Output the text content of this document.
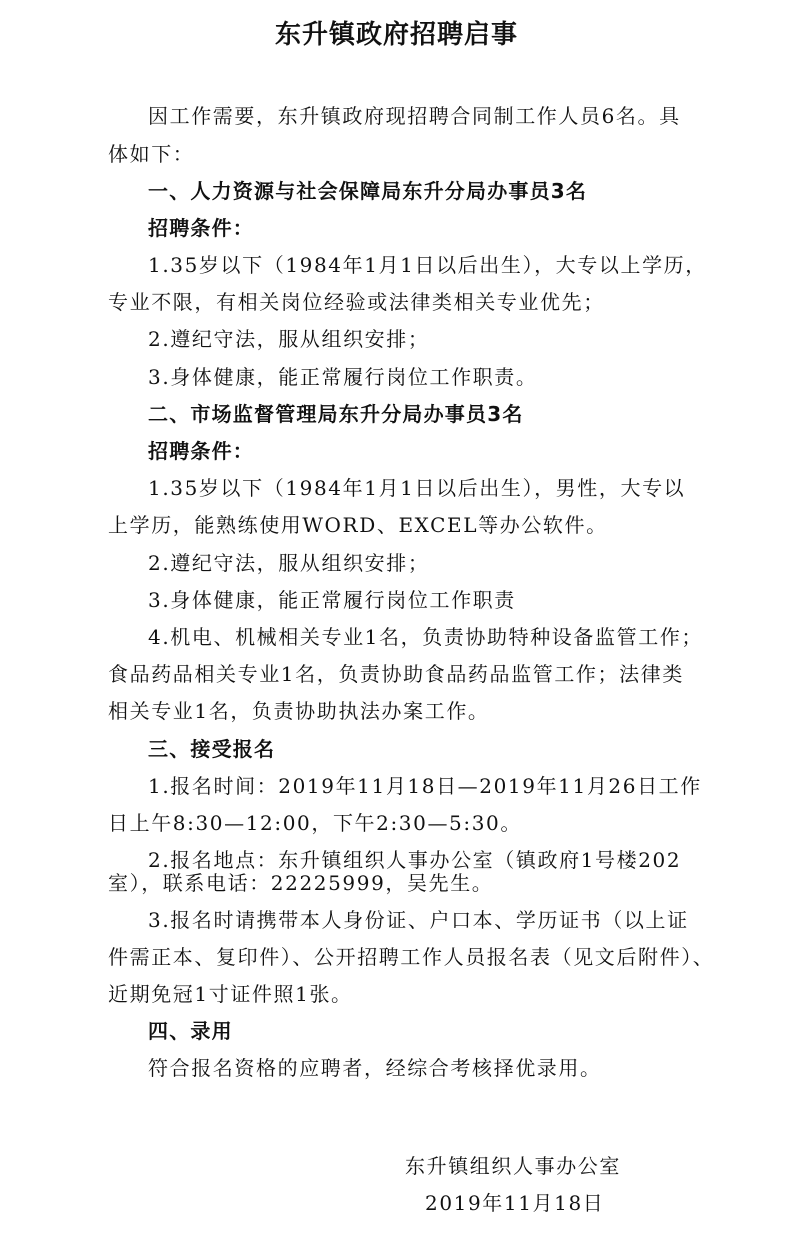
东升镇政府招聘启事
因工作需要，东升镇政府现招聘合同制工作人员6名。具
体如下：
一、人力资源与社会保障局东升分局办事员3名
招聘条件：
1.35岁以下（1984年1月1日以后出生），大专以上学历，
专业不限，有相关岗位经验或法律类相关专业优先；
2.遵纪守法，服从组织安排；
3.身体健康，能正常履行岗位工作职责。
二、市场监督管理局东升分局办事员3名
招聘条件：
1.35岁以下（1984年1月1日以后出生），男性，大专以
上学历，能熟练使用WORD、EXCEL等办公软件。
2.遵纪守法，服从组织安排；
3.身体健康，能正常履行岗位工作职责
4.机电、机械相关专业1名，负责协助特种设备监管工作；
食品药品相关专业1名，负责协助食品药品监管工作；法律类
相关专业1名，负责协助执法办案工作。
三、接受报名
1.报名时间：2019年11月18日—2019年11月26日工作
日上午8:30—12:00，下午2:30—5:30。
2.报名地点：东升镇组织人事办公室（镇政府1号楼202
室），联系电话：22225999，吴先生。
3.报名时请携带本人身份证、户口本、学历证书（以上证
件需正本、复印件）、公开招聘工作人员报名表（见文后附件）、
近期免冠1寸证件照1张。
四、录用
符合报名资格的应聘者，经综合考核择优录用。
东升镇组织人事办公室
2019年11月18日
